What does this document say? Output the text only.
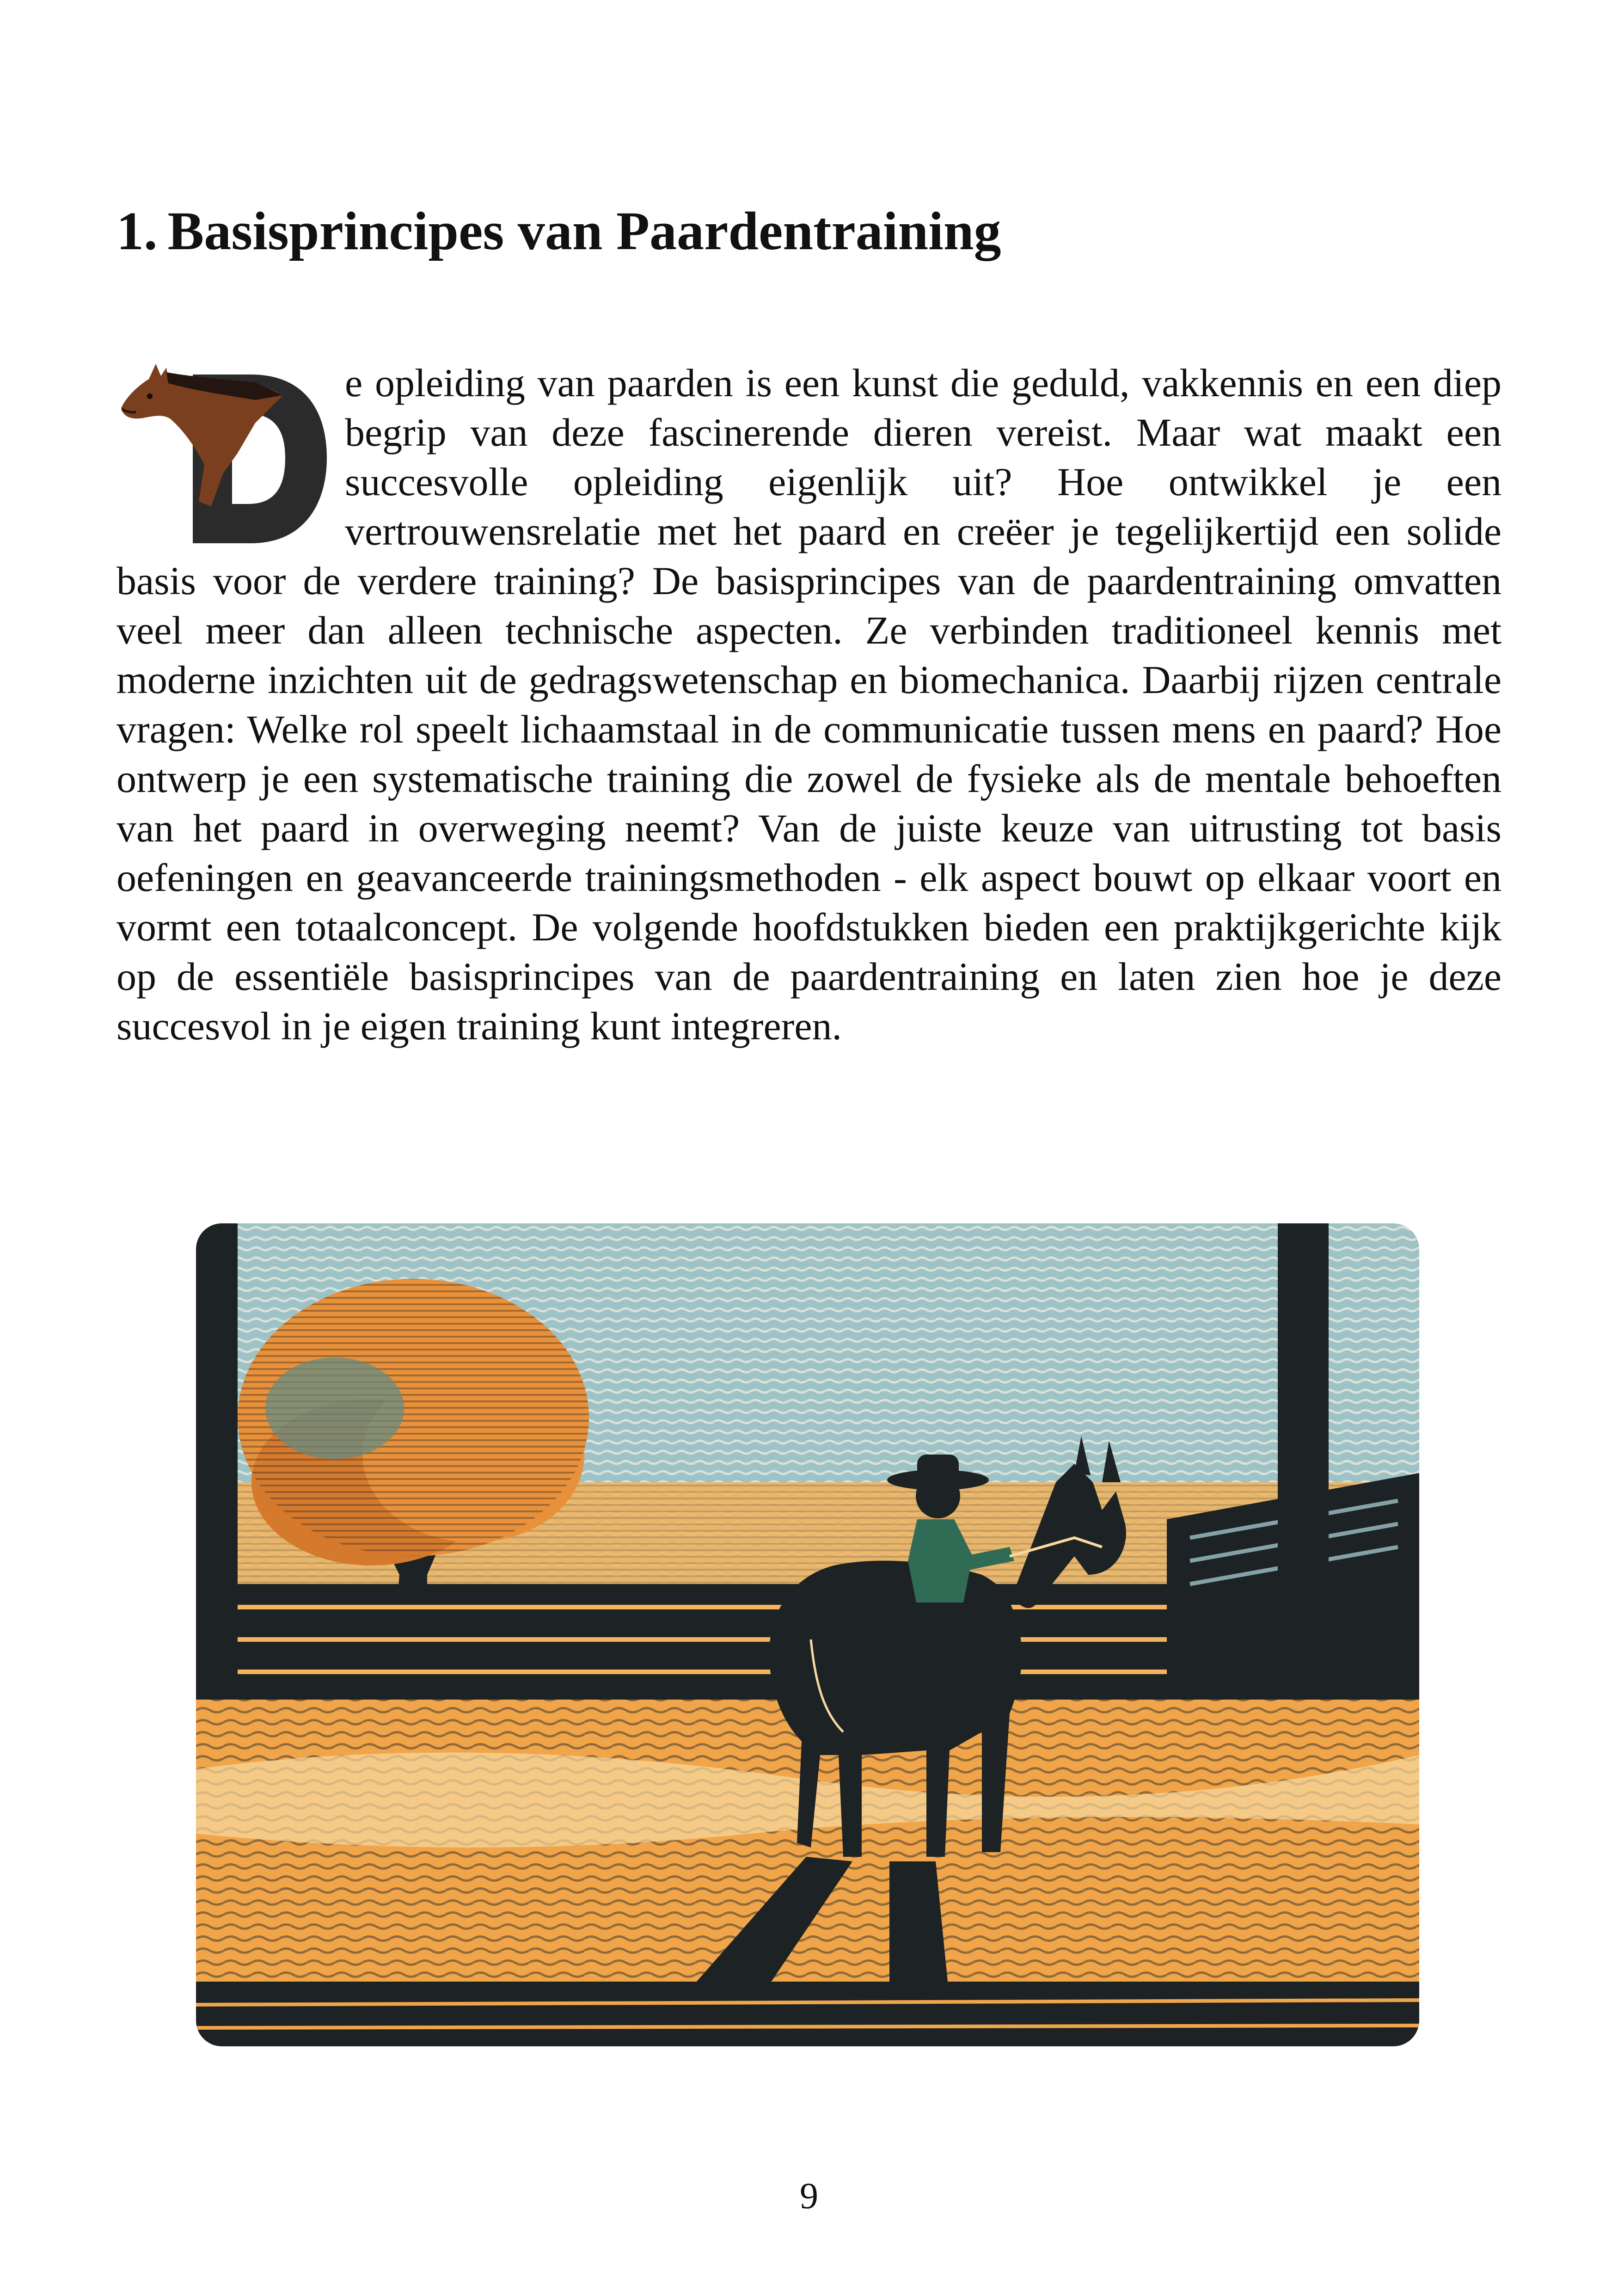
1. Basisprincipes van Paardentraining
e opleiding van paarden is een kunst die geduld, vakkennis en een diep begrip van deze fascinerende dieren vereist. Maar wat maakt een succesvolle opleiding eigenlijk uit? Hoe ontwikkel je een vertrouwensrelatie met het paard en creëer je tegelijkertijd een solide basis voor de verdere training? De basisprincipes van de paardentraining omvatten veel meer dan alleen technische aspecten. Ze verbinden traditioneel kennis met moderne inzichten uit de gedragswetenschap en biomechanica. Daarbij rijzen centrale vragen: Welke rol speelt lichaamstaal in de communicatie tussen mens en paard? Hoe ontwerp je een systematische training die zowel de fysieke als de mentale behoeften van het paard in overweging neemt? Van de juiste keuze van uitrusting tot basis oefeningen en geavanceerde trainingsmethoden - elk aspect bouwt op elkaar voort en vormt een totaalconcept. De volgende hoofdstukken bieden een praktijkgerichte kijk op de essentiële basisprincipes van de paardentraining en laten zien hoe je deze succesvol in je eigen training kunt integreren.
9
